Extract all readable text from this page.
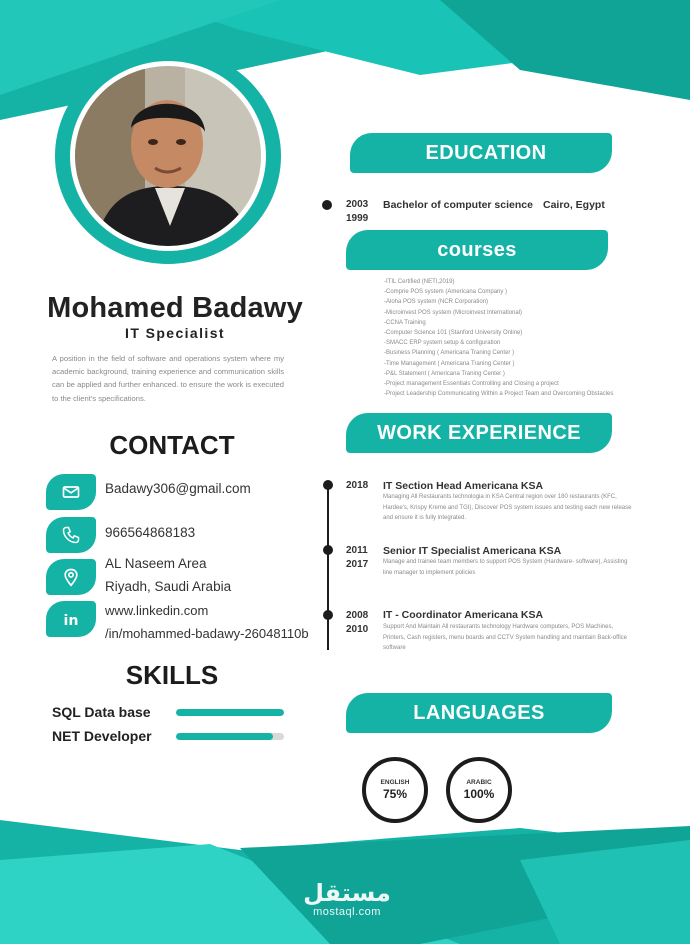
Mohamed Badawy
IT Specialist

A position in the field of software and operations system where my academic background, training experience and communication skills can be applied and further enhanced. to ensure the work is executed to the client's specifications.

CONTACT
Badawy306@gmail.com
966564868183
AL Naseem Area
Riyadh, Saudi Arabia
in
www.linkedin.com
/in/mohammed-badawy-26048110b
SKILLS
SQL Data base
NET Developer
EDUCATION
2003
1999
Bachelor of computer science Cairo, Egypt
courses
-ITIL Certified (NETI,2019)
-Comprie POS system (Americana Company )
-Aloha POS system (NCR Corporation)
-Microinvest POS system (Microinvest International)
-CCNA Training
-Computer Science 101 (Stanford University Online)
-SMACC ERP system setup & configuration
-Business Planning ( Americana Traning Center )
-Time Management ( Americana Traning Center )
-P&L Statement ( Americana Traning Center )
-Project management Essentials Controlling and Closing a project
-Project Leadership Communicating Within a Project Team and Overcoming Obstacles
WORK EXPERIENCE
2018 IT Section Head Americana KSA
Managing All Restaurants technologia in KSA Central region over 180 restaurants (KFC, Hardee's, Krispy Kreme and TGI), Discover POS system issues and testing each new release and ensure it is fully integrated.
2011
2017
Senior IT Specialist Americana KSA
Manage and trainee team members to support POS System (Hardware- software), Assisting line manager to implement policies
2008
2010
IT - Coordinator Americana KSA
Support And Maintain All restaurants technology Hardware computers, POS Machines, Printers, Cash registers, menu boards and CCTV System handling and maintain Back-office software
LANGUAGES
ENGLISH
75%
ARABIC
100%
مستقل
mostaql.com
